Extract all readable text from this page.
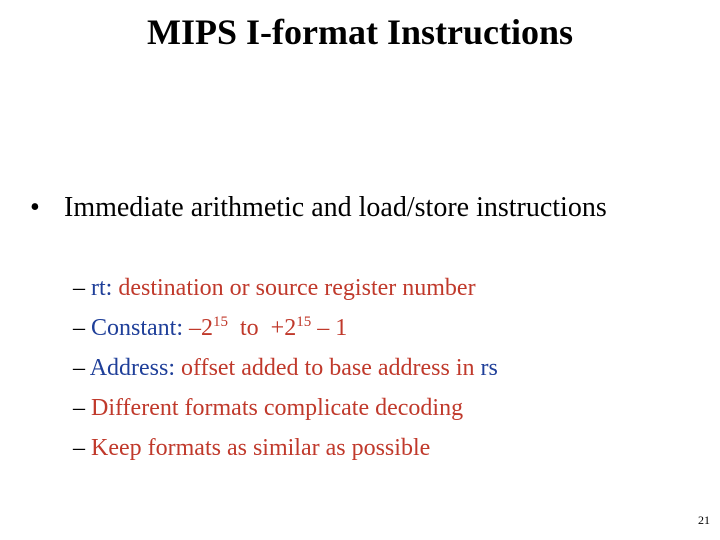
MIPS I-format Instructions
• Immediate arithmetic and load/store instructions
– rt: destination or source register number
– Constant: $-2^{15}$  to  $+2^{15} - 1$
– Address: offset added to base address in rs
– Different formats complicate decoding
– Keep formats as similar as possible
21
